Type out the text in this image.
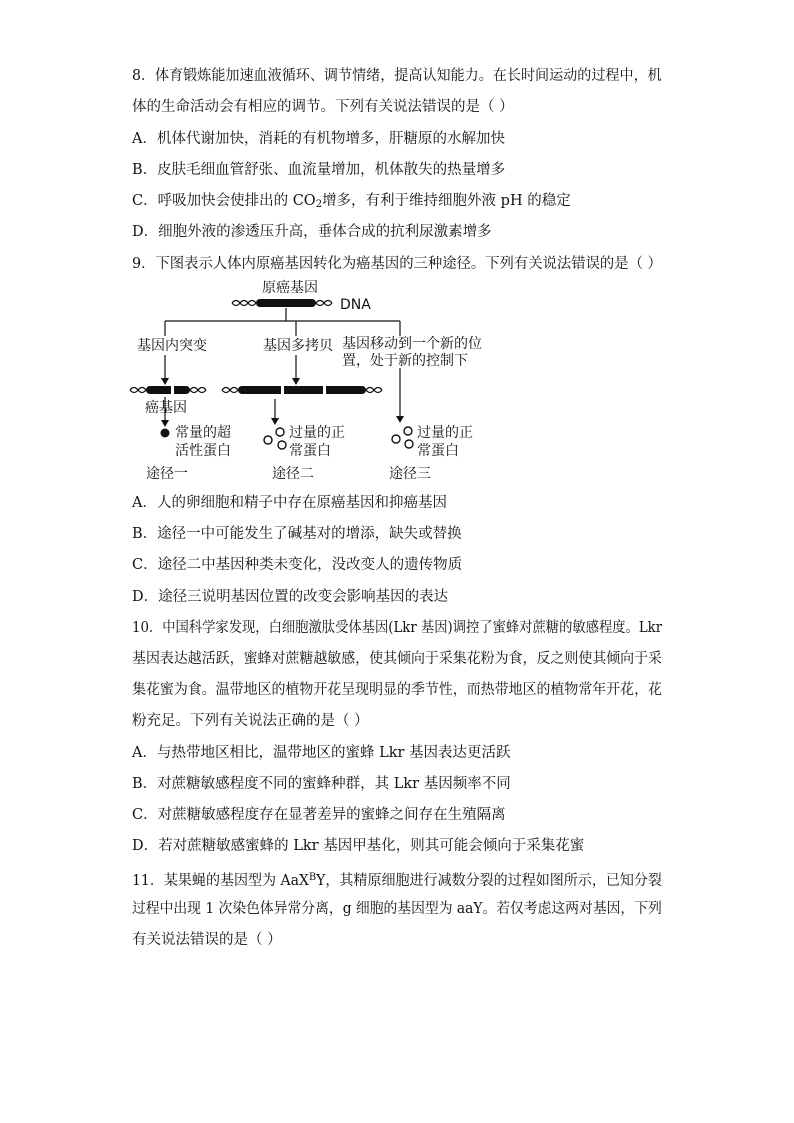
8．体育锻炼能加速血液循环、调节情绪，提高认知能力。在长时间运动的过程中，机
体的生命活动会有相应的调节。下列有关说法错误的是（ ）
A．机体代谢加快，消耗的有机物增多，肝糖原的水解加快
B．皮肤毛细血管舒张、血流量增加，机体散失的热量增多
C．呼吸加快会使排出的 $CO_2$增多，有利于维持细胞外液 pH 的稳定
D．细胞外液的渗透压升高，垂体合成的抗利尿激素增多
9．下图表示人体内原癌基因转化为癌基因的三种途径。下列有关说法错误的是（ ）
原癌基因
DNA
基因内突变	基因多拷贝 基因移动到一个新的位
置，处于新的控制下
癌基因
常量的超
活性蛋白
过量的正
常蛋白
过量的正
常蛋白
途径一	途径二	途径三
A．人的卵细胞和精子中存在原癌基因和抑癌基因
B．途径一中可能发生了碱基对的增添，缺失或替换
C．途径二中基因种类未变化，没改变人的遗传物质
D．途径三说明基因位置的改变会影响基因的表达
10．中国科学家发现，白细胞激肽受体基因(Lkr 基因)调控了蜜蜂对蔗糖的敏感程度。Lkr
基因表达越活跃，蜜蜂对蔗糖越敏感，使其倾向于采集花粉为食，反之则使其倾向于采
集花蜜为食。温带地区的植物开花呈现明显的季节性，而热带地区的植物常年开花，花
粉充足。下列有关说法正确的是（ ）
A．与热带地区相比，温带地区的蜜蜂 Lkr 基因表达更活跃
B．对蔗糖敏感程度不同的蜜蜂种群，其 Lkr 基因频率不同
C．对蔗糖敏感程度存在显著差异的蜜蜂之间存在生殖隔离
D．若对蔗糖敏感蜜蜂的 Lkr 基因甲基化，则其可能会倾向于采集花蜜
11．某果蝇的基因型为 AaX$^B$Y，其精原细胞进行减数分裂的过程如图所示，已知分裂
过程中出现 1 次染色体异常分离，g 细胞的基因型为 aaY。若仅考虑这两对基因，下列
有关说法错误的是（ ）
